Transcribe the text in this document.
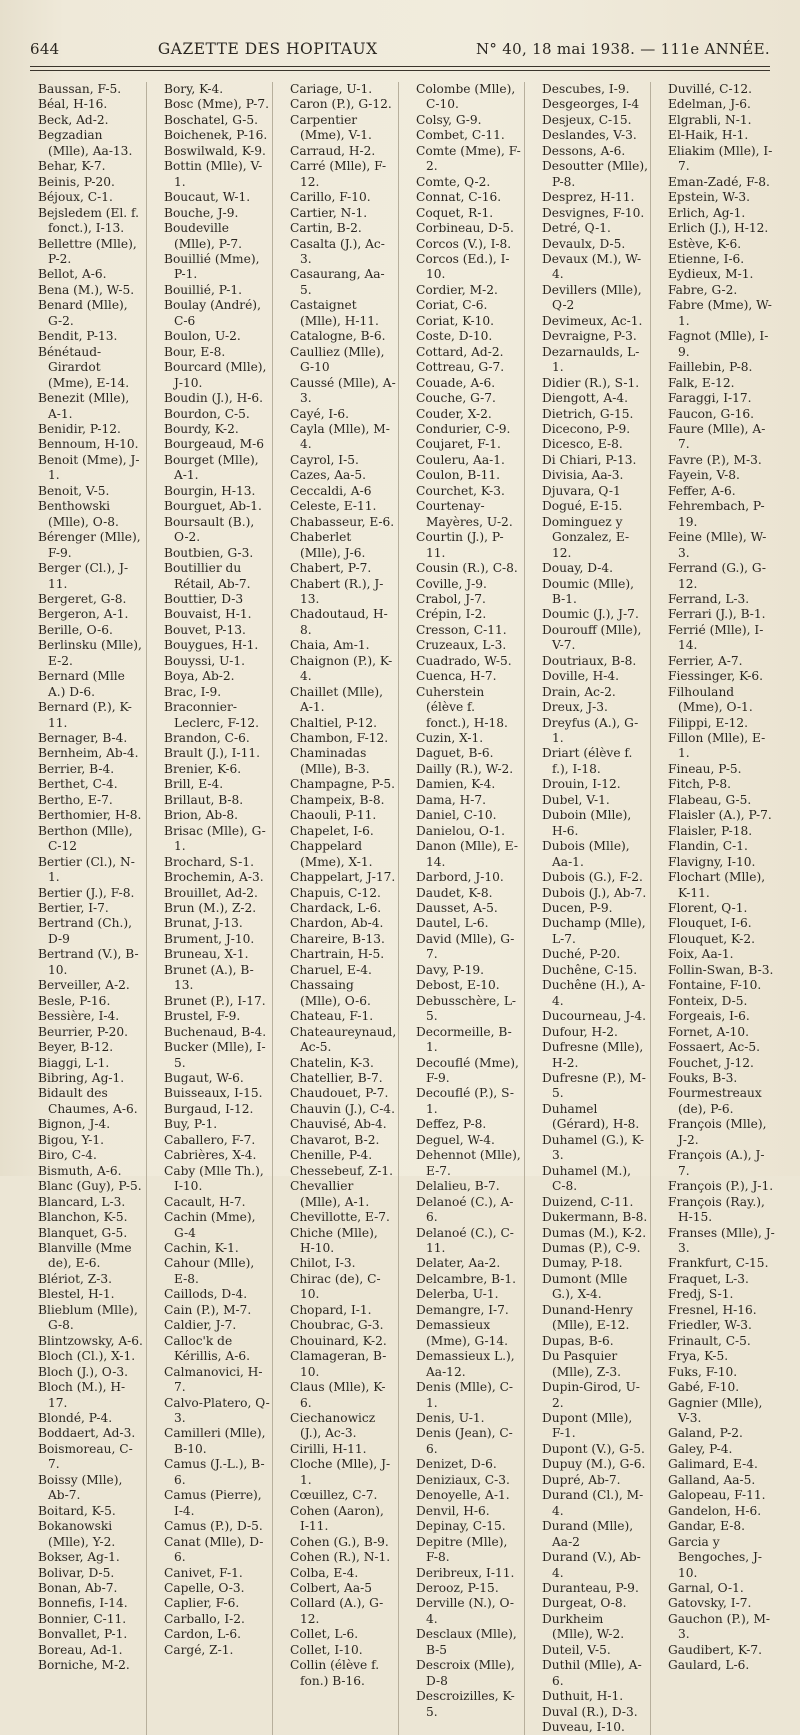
644	GAZETTE DES HOPITAUX	N° 40, 18 mai 1938. — 111e ANNÉE.
Baussan, F-5.
Béal, H-16.
Beck, Ad-2.
Begzadian (Mlle), Aa-13.
Behar, K-7.
Beinis, P-20.
Béjoux, C-1.
Bejsledem (El. f. fonct.), I-13.
Bellettre (Mlle), P-2.
Bellot, A-6.
Bena (M.), W-5.
Benard (Mlle), G-2.
Bendit, P-13.
Bénétaud-Girardot (Mme), E-14.
Benezit (Mlle), A-1.
Benidir, P-12.
Bennoum, H-10.
Benoit (Mme), J-1.
Benoit, V-5.
Benthowski (Mlle), O-8.
Bérenger (Mlle), F-9.
Berger (Cl.), J-11.
Bergeret, G-8.
Bergeron, A-1.
Berille, O-6.
Berlinsku (Mlle), E-2.
Bernard (Mlle A.) D-6.
Bernard (P.), K-11.
Bernager, B-4.
Bernheim, Ab-4.
Berrier, B-4.
Berthet, C-4.
Bertho, E-7.
Berthomier, H-8.
Berthon (Mlle), C-12
Bertier (Cl.), N-1.
Bertier (J.), F-8.
Bertier, I-7.
Bertrand (Ch.), D-9
Bertrand (V.), B-10.
Berveiller, A-2.
Besle, P-16.
Bessière, I-4.
Beurrier, P-20.
Beyer, B-12.
Biaggi, L-1.
Bibring, Ag-1.
Bidault des Chaumes, A-6.
Bignon, J-4.
Bigou, Y-1.
Biro, C-4.
Bismuth, A-6.
Blanc (Guy), P-5.
Blancard, L-3.
Blanchon, K-5.
Blanquet, G-5.
Blanville (Mme de), E-6.
Blériot, Z-3.
Blestel, H-1.
Blieblum (Mlle), G-8.
Blintzowsky, A-6.
Bloch (Cl.), X-1.
Bloch (J.), O-3.
Bloch (M.), H-17.
Blondé, P-4.
Boddaert, Ad-3.
Boismoreau, C-7.
Boissy (Mlle), Ab-7.
Boitard, K-5.
Bokanowski (Mlle), Y-2.
Bokser, Ag-1.
Bolivar, D-5.
Bonan, Ab-7.
Bonnefis, I-14.
Bonnier, C-11.
Bonvallet, P-1.
Boreau, Ad-1.
Borniche, M-2.
Bory, K-4.
Bosc (Mme), P-7.
Boschatel, G-5.
Boichenek, P-16.
Boswilwald, K-9.
Bottin (Mlle), V-1.
Boucaut, W-1.
Bouche, J-9.
Boudeville (Mlle), P-7.
Bouillié (Mme), P-1.
Bouillié, P-1.
Boulay (André), C-6
Boulon, U-2.
Bour, E-8.
Bourcard (Mlle), J-10.
Boudin (J.), H-6.
Bourdon, C-5.
Bourdy, K-2.
Bourgeaud, M-6
Bourget (Mlle), A-1.
Bourgin, H-13.
Bourguet, Ab-1.
Boursault (B.), O-2.
Boutbien, G-3.
Boutillier du Rétail, Ab-7.
Bouttier, D-3
Bouvaist, H-1.
Bouvet, P-13.
Bouygues, H-1.
Bouyssi, U-1.
Boya, Ab-2.
Brac, I-9.
Braconnier-Leclerc, F-12.
Brandon, C-6.
Brault (J.), I-11.
Brenier, K-6.
Brill, E-4.
Brillaut, B-8.
Brion, Ab-8.
Brisac (Mlle), G-1.
Brochard, S-1.
Brochemin, A-3.
Brouillet, Ad-2.
Brun (M.), Z-2.
Brunat, J-13.
Brument, J-10.
Bruneau, X-1.
Brunet (A.), B-13.
Brunet (P.), I-17.
Brustel, F-9.
Buchenaud, B-4.
Bucker (Mlle), I-5.
Bugaut, W-6.
Buisseaux, I-15.
Burgaud, I-12.
Buy, P-1.
Caballero, F-7.
Cabrières, X-4.
Caby (Mlle Th.), I-10.
Cacault, H-7.
Cachin (Mme), G-4
Cachin, K-1.
Cahour (Mlle), E-8.
Caillods, D-4.
Cain (P.), M-7.
Caldier, J-7.
Calloc'k de Kérillis, A-6.
Calmanovici, H-7.
Calvo-Platero, Q-3.
Camilleri (Mlle), B-10.
Camus (J.-L.), B-6.
Camus (Pierre), I-4.
Camus (P.), D-5.
Canat (Mlle), D-6.
Canivet, F-1.
Capelle, O-3.
Caplier, F-6.
Carballo, I-2.
Cardon, L-6.
Cargé, Z-1.
Cariage, U-1.
Caron (P.), G-12.
Carpentier (Mme), V-1.
Carraud, H-2.
Carré (Mlle), F-12.
Carillo, F-10.
Cartier, N-1.
Cartin, B-2.
Casalta (J.), Ac-3.
Casaurang, Aa-5.
Castaignet (Mlle), H-11.
Catalogne, B-6.
Caulliez (Mlle), G-10
Caussé (Mlle), A-3.
Cayé, I-6.
Cayla (Mlle), M-4.
Cayrol, I-5.
Cazes, Aa-5.
Ceccaldi, A-6
Celeste, E-11.
Chabasseur, E-6.
Chaberlet (Mlle), J-6.
Chabert, P-7.
Chabert (R.), J-13.
Chadoutaud, H-8.
Chaia, Am-1.
Chaignon (P.), K-4.
Chaillet (Mlle), A-1.
Chaltiel, P-12.
Chambon, F-12.
Chaminadas (Mlle), B-3.
Champagne, P-5.
Champeix, B-8.
Chaouli, P-11.
Chapelet, I-6.
Chappelard (Mme), X-1.
Chappelart, J-17.
Chapuis, C-12.
Chardack, L-6.
Chardon, Ab-4.
Chareire, B-13.
Chartrain, H-5.
Charuel, E-4.
Chassaing (Mlle), O-6.
Chateau, F-1.
Chateaureynaud, Ac-5.
Chatelin, K-3.
Chatellier, B-7.
Chaudouet, P-7.
Chauvin (J.), C-4.
Chauvisé, Ab-4.
Chavarot, B-2.
Chenille, P-4.
Chessebeuf, Z-1.
Chevallier (Mlle), A-1.
Chevillotte, E-7.
Chiche (Mlle), H-10.
Chilot, I-3.
Chirac (de), C-10.
Chopard, I-1.
Choubrac, G-3.
Chouinard, K-2.
Clamageran, B-10.
Claus (Mlle), K-6.
Ciechanowicz (J.), Ac-3.
Cirilli, H-11.
Cloche (Mlle), J-1.
Cœuillez, C-7.
Cohen (Aaron), I-11.
Cohen (G.), B-9.
Cohen (R.), N-1.
Colba, E-4.
Colbert, Aa-5
Collard (A.), G-12.
Collet, L-6.
Collet, I-10.
Collin (élève f. fon.) B-16.
Colombe (Mlle), C-10.
Colsy, G-9.
Combet, C-11.
Comte (Mme), F-2.
Comte, Q-2.
Connat, C-16.
Coquet, R-1.
Corbineau, D-5.
Corcos (V.), I-8.
Corcos (Ed.), I-10.
Cordier, M-2.
Coriat, C-6.
Coriat, K-10.
Coste, D-10.
Cottard, Ad-2.
Cottreau, G-7.
Couade, A-6.
Couche, G-7.
Couder, X-2.
Condurier, C-9.
Coujaret, F-1.
Couleru, Aa-1.
Coulon, B-11.
Courchet, K-3.
Courtenay-Mayères, U-2.
Courtin (J.), P-11.
Cousin (R.), C-8.
Coville, J-9.
Crabol, J-7.
Crépin, I-2.
Cresson, C-11.
Cruzeaux, L-3.
Cuadrado, W-5.
Cuenca, H-7.
Cuherstein (élève f. fonct.), H-18.
Cuzin, X-1.
Daguet, B-6.
Dailly (R.), W-2.
Damien, K-4.
Dama, H-7.
Daniel, C-10.
Danielou, O-1.
Danon (Mlle), E-14.
Darbord, J-10.
Daudet, K-8.
Dausset, A-5.
Dautel, L-6.
David (Mlle), G-7.
Davy, P-19.
Debost, E-10.
Debusschère, L-5.
Decormeille, B-1.
Decouflé (Mme), F-9.
Decouflé (P.), S-1.
Deffez, P-8.
Deguel, W-4.
Dehennot (Mlle), E-7.
Delalieu, B-7.
Delanoé (C.), A-6.
Delanoé (C.), C-11.
Delater, Aa-2.
Delcambre, B-1.
Delerba, U-1.
Demangre, I-7.
Demassieux (Mme), G-14.
Demassieux L.), Aa-12.
Denis (Mlle), C-1.
Denis, U-1.
Denis (Jean), C-6.
Denizet, D-6.
Deniziaux, C-3.
Denoyelle, A-1.
Denvil, H-6.
Depinay, C-15.
Depitre (Mlle), F-8.
Deribreux, I-11.
Derooz, P-15.
Derville (N.), O-4.
Desclaux (Mlle), B-5
Descroix (Mlle), D-8
Descroizilles, K-5.
Descubes, I-9.
Desgeorges, I-4
Desjeux, C-15.
Deslandes, V-3.
Dessons, A-6.
Desoutter (Mlle), P-8.
Desprez, H-11.
Desvignes, F-10.
Detré, Q-1.
Devaulx, D-5.
Devaux (M.), W-4.
Devillers (Mlle), Q-2
Devimeux, Ac-1.
Devraigne, P-3.
Dezarnaulds, L-1.
Didier (R.), S-1.
Diengott, A-4.
Dietrich, G-15.
Dicecono, P-9.
Dicesco, E-8.
Di Chiari, P-13.
Divisia, Aa-3.
Djuvara, Q-1
Dogué, E-15.
Dominguez y Gonzalez, E-12.
Douay, D-4.
Doumic (Mlle), B-1.
Doumic (J.), J-7.
Dourouff (Mlle), V-7.
Doutriaux, B-8.
Doville, H-4.
Drain, Ac-2.
Dreux, J-3.
Dreyfus (A.), G-1.
Driart (élève f. f.), I-18.
Drouin, I-12.
Dubel, V-1.
Duboin (Mlle), H-6.
Dubois (Mlle), Aa-1.
Dubois (G.), F-2.
Dubois (J.), Ab-7.
Ducen, P-9.
Duchamp (Mlle), L-7.
Duché, P-20.
Duchêne, C-15.
Duchêne (H.), A-4.
Ducourneau, J-4.
Dufour, H-2.
Dufresne (Mlle), H-2.
Dufresne (P.), M-5.
Duhamel (Gérard), H-8.
Duhamel (G.), K-3.
Duhamel (M.), C-8.
Duizend, C-11.
Dukermann, B-8.
Dumas (M.), K-2.
Dumas (P.), C-9.
Dumay, P-18.
Dumont (Mlle G.), X-4.
Dunand-Henry (Mlle), E-12.
Dupas, B-6.
Du Pasquier (Mlle), Z-3.
Dupin-Girod, U-2.
Dupont (Mlle), F-1.
Dupont (V.), G-5.
Dupuy (M.), G-6.
Dupré, Ab-7.
Durand (Cl.), M-4.
Durand (Mlle), Aa-2
Durand (V.), Ab-4.
Duranteau, P-9.
Durgeat, O-8.
Durkheim (Mlle), W-2.
Duteil, V-5.
Duthil (Mlle), A-6.
Duthuit, H-1.
Duval (R.), D-3.
Duveau, I-10.
Duvillé, C-12.
Edelman, J-6.
Elgrabli, N-1.
El-Haik, H-1.
Eliakim (Mlle), I-7.
Eman-Zadé, F-8.
Epstein, W-3.
Erlich, Ag-1.
Erlich (J.), H-12.
Estève, K-6.
Etienne, I-6.
Eydieux, M-1.
Fabre, G-2.
Fabre (Mme), W-1.
Fagnot (Mlle), I-9.
Faillebin, P-8.
Falk, E-12.
Faraggi, I-17.
Faucon, G-16.
Faure (Mlle), A-7.
Favre (P.), M-3.
Fayein, V-8.
Feffer, A-6.
Fehrembach, P-19.
Feine (Mlle), W-3.
Ferrand (G.), G-12.
Ferrand, L-3.
Ferrari (J.), B-1.
Ferrié (Mlle), I-14.
Ferrier, A-7.
Fiessinger, K-6.
Filhouland (Mme), O-1.
Filippi, E-12.
Fillon (Mlle), E-1.
Fineau, P-5.
Fitch, P-8.
Flabeau, G-5.
Flaisler (A.), P-7.
Flaisler, P-18.
Flandin, C-1.
Flavigny, I-10.
Flochart (Mlle), K-11.
Florent, Q-1.
Flouquet, I-6.
Flouquet, K-2.
Foix, Aa-1.
Follin-Swan, B-3.
Fontaine, F-10.
Fonteix, D-5.
Forgeais, I-6.
Fornet, A-10.
Fossaert, Ac-5.
Fouchet, J-12.
Fouks, B-3.
Fourmestreaux (de), P-6.
François (Mlle), J-2.
François (A.), J-7.
François (P.), J-1.
François (Ray.), H-15.
Franses (Mlle), J-3.
Frankfurt, C-15.
Fraquet, L-3.
Fredj, S-1.
Fresnel, H-16.
Friedler, W-3.
Frinault, C-5.
Frya, K-5.
Fuks, F-10.
Gabé, F-10.
Gagnier (Mlle), V-3.
Galand, P-2.
Galey, P-4.
Galimard, E-4.
Galland, Aa-5.
Galopeau, F-11.
Gandelon, H-6.
Gandar, E-8.
Garcia y Bengoches, J-10.
Garnal, O-1.
Gatovsky, I-7.
Gauchon (P.), M-3.
Gaudibert, K-7.
Gaulard, L-6.
